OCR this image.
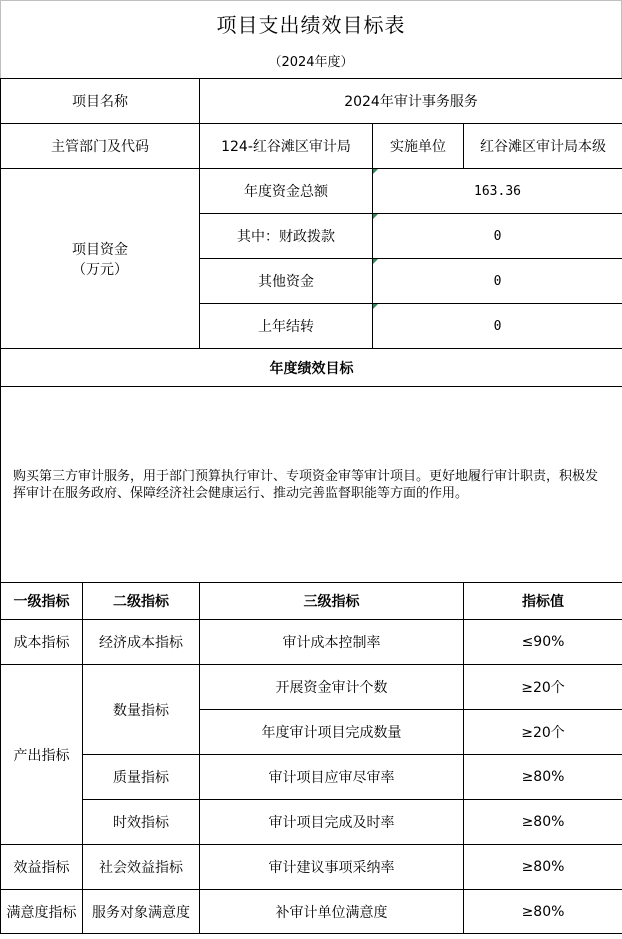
项目支出绩效目标表
（2024年度）
项目名称		2024年审计事务服务		
主管部门及代码		124-红谷滩区审计局	实施单位	红谷滩区审计局本级

项目资金
（万元）		年度资金总额	163.36	
		其中：财政拨款	0	
		其他资金	0	
		上年结转	0	
年度绩效目标				
购买第三方审计服务，用于部门预算执行审计、专项资金审等审计项目。更好地履行审计职责，积极发挥审计在服务政府、保障经济社会健康运行、推动完善监督职能等方面的作用。				
一级指标	二级指标	三级指标		指标值
成本指标	经济成本指标	审计成本控制率		≤90%
产出指标	数量指标	开展资金审计个数		≥20个
		年度审计项目完成数量		≥20个
	质量指标	审计项目应审尽审率		≥80%
	时效指标	审计项目完成及时率		≥80%
效益指标	社会效益指标	审计建议事项采纳率		≥80%
满意度指标	服务对象满意度	补审计单位满意度		≥80%
